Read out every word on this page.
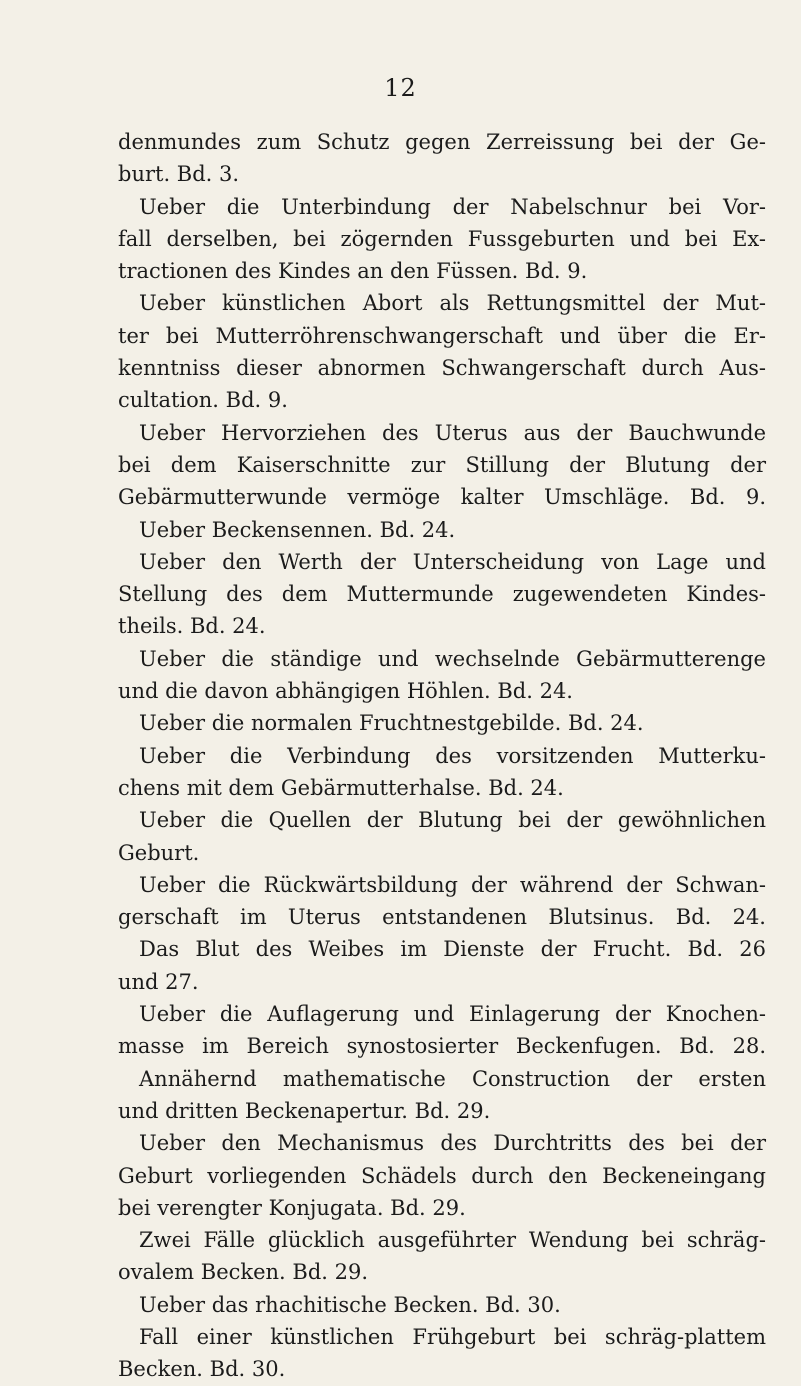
12
denmundes zum Schutz gegen Zerreissung bei der Ge-
burt. Bd. 3.
Ueber die Unterbindung der Nabelschnur bei Vor-
fall derselben, bei zögernden Fussgeburten und bei Ex-
tractionen des Kindes an den Füssen. Bd. 9.
Ueber künstlichen Abort als Rettungsmittel der Mut-
ter bei Mutterröhrenschwangerschaft und über die Er-
kenntniss dieser abnormen Schwangerschaft durch Aus-
cultation. Bd. 9.
Ueber Hervorziehen des Uterus aus der Bauchwunde
bei dem Kaiserschnitte zur Stillung der Blutung der
Gebärmutterwunde vermöge kalter Umschläge. Bd. 9.
Ueber Beckensennen. Bd. 24.
Ueber den Werth der Unterscheidung von Lage und
Stellung des dem Muttermunde zugewendeten Kindes-
theils. Bd. 24.
Ueber die ständige und wechselnde Gebärmutterenge
und die davon abhängigen Höhlen. Bd. 24.
Ueber die normalen Fruchtnestgebilde. Bd. 24.
Ueber die Verbindung des vorsitzenden Mutterku-
chens mit dem Gebärmutterhalse. Bd. 24.
Ueber die Quellen der Blutung bei der gewöhnlichen
Geburt.
Ueber die Rückwärtsbildung der während der Schwan-
gerschaft im Uterus entstandenen Blutsinus. Bd. 24.
Das Blut des Weibes im Dienste der Frucht. Bd. 26
und 27.
Ueber die Auflagerung und Einlagerung der Knochen-
masse im Bereich synostosierter Beckenfugen. Bd. 28.
Annähernd mathematische Construction der ersten
und dritten Beckenapertur. Bd. 29.
Ueber den Mechanismus des Durchtritts des bei der
Geburt vorliegenden Schädels durch den Beckeneingang
bei verengter Konjugata. Bd. 29.
Zwei Fälle glücklich ausgeführter Wendung bei schräg-
ovalem Becken. Bd. 29.
Ueber das rhachitische Becken. Bd. 30.
Fall einer künstlichen Frühgeburt bei schräg-plattem
Becken. Bd. 30.
